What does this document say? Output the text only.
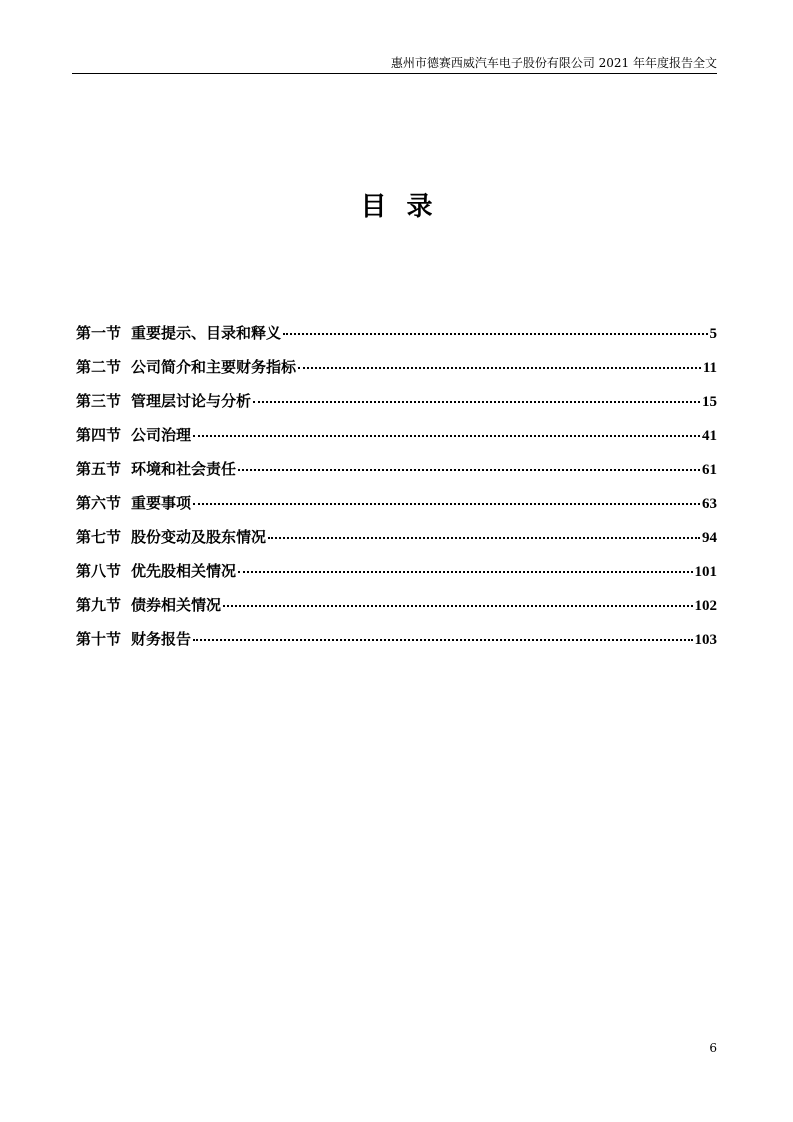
惠州市德赛西威汽车电子股份有限公司 2021 年年度报告全文
目录
第一节 重要提示、目录和释义	5
第二节 公司简介和主要财务指标	11
第三节 管理层讨论与分析	15
第四节 公司治理	41
第五节 环境和社会责任	61
第六节 重要事项	63
第七节 股份变动及股东情况	94
第八节 优先股相关情况	101
第九节 债券相关情况	102
第十节 财务报告	103
6
